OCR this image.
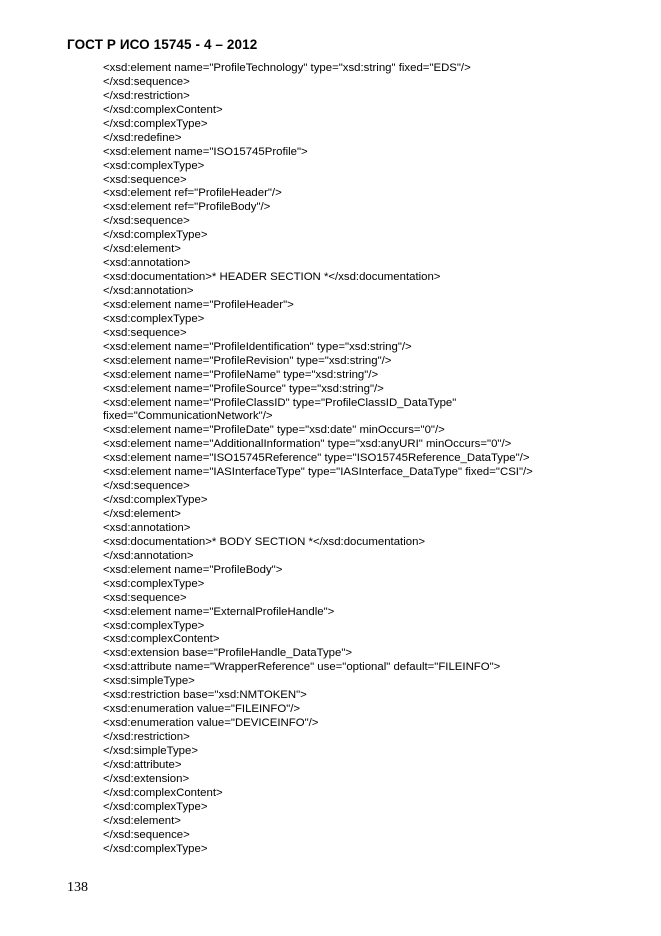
ГОСТ Р ИСО 15745 - 4 – 2012
<xsd:element name="ProfileTechnology" type="xsd:string" fixed="EDS"/>
</xsd:sequence>
</xsd:restriction>
</xsd:complexContent>
</xsd:complexType>
</xsd:redefine>
<xsd:element name="ISO15745Profile">
<xsd:complexType>
<xsd:sequence>
<xsd:element ref="ProfileHeader"/>
<xsd:element ref="ProfileBody"/>
</xsd:sequence>
</xsd:complexType>
</xsd:element>
<xsd:annotation>
<xsd:documentation>* HEADER SECTION *</xsd:documentation>
</xsd:annotation>
<xsd:element name="ProfileHeader">
<xsd:complexType>
<xsd:sequence>
<xsd:element name="ProfileIdentification" type="xsd:string"/>
<xsd:element name="ProfileRevision" type="xsd:string"/>
<xsd:element name="ProfileName" type="xsd:string"/>
<xsd:element name="ProfileSource" type="xsd:string"/>
<xsd:element name="ProfileClassID" type="ProfileClassID_DataType"
fixed="CommunicationNetwork"/>
<xsd:element name="ProfileDate" type="xsd:date" minOccurs="0"/>
<xsd:element name="AdditionalInformation" type="xsd:anyURI" minOccurs="0"/>
<xsd:element name="ISO15745Reference" type="ISO15745Reference_DataType"/>
<xsd:element name="IASInterfaceType" type="IASInterface_DataType" fixed="CSI"/>
</xsd:sequence>
</xsd:complexType>
</xsd:element>
<xsd:annotation>
<xsd:documentation>* BODY SECTION *</xsd:documentation>
</xsd:annotation>
<xsd:element name="ProfileBody">
<xsd:complexType>
<xsd:sequence>
<xsd:element name="ExternalProfileHandle">
<xsd:complexType>
<xsd:complexContent>
<xsd:extension base="ProfileHandle_DataType">
<xsd:attribute name="WrapperReference" use="optional" default="FILEINFO">
<xsd:simpleType>
<xsd:restriction base="xsd:NMTOKEN">
<xsd:enumeration value="FILEINFO"/>
<xsd:enumeration value="DEVICEINFO"/>
</xsd:restriction>
</xsd:simpleType>
</xsd:attribute>
</xsd:extension>
</xsd:complexContent>
</xsd:complexType>
</xsd:element>
</xsd:sequence>
</xsd:complexType>
138
